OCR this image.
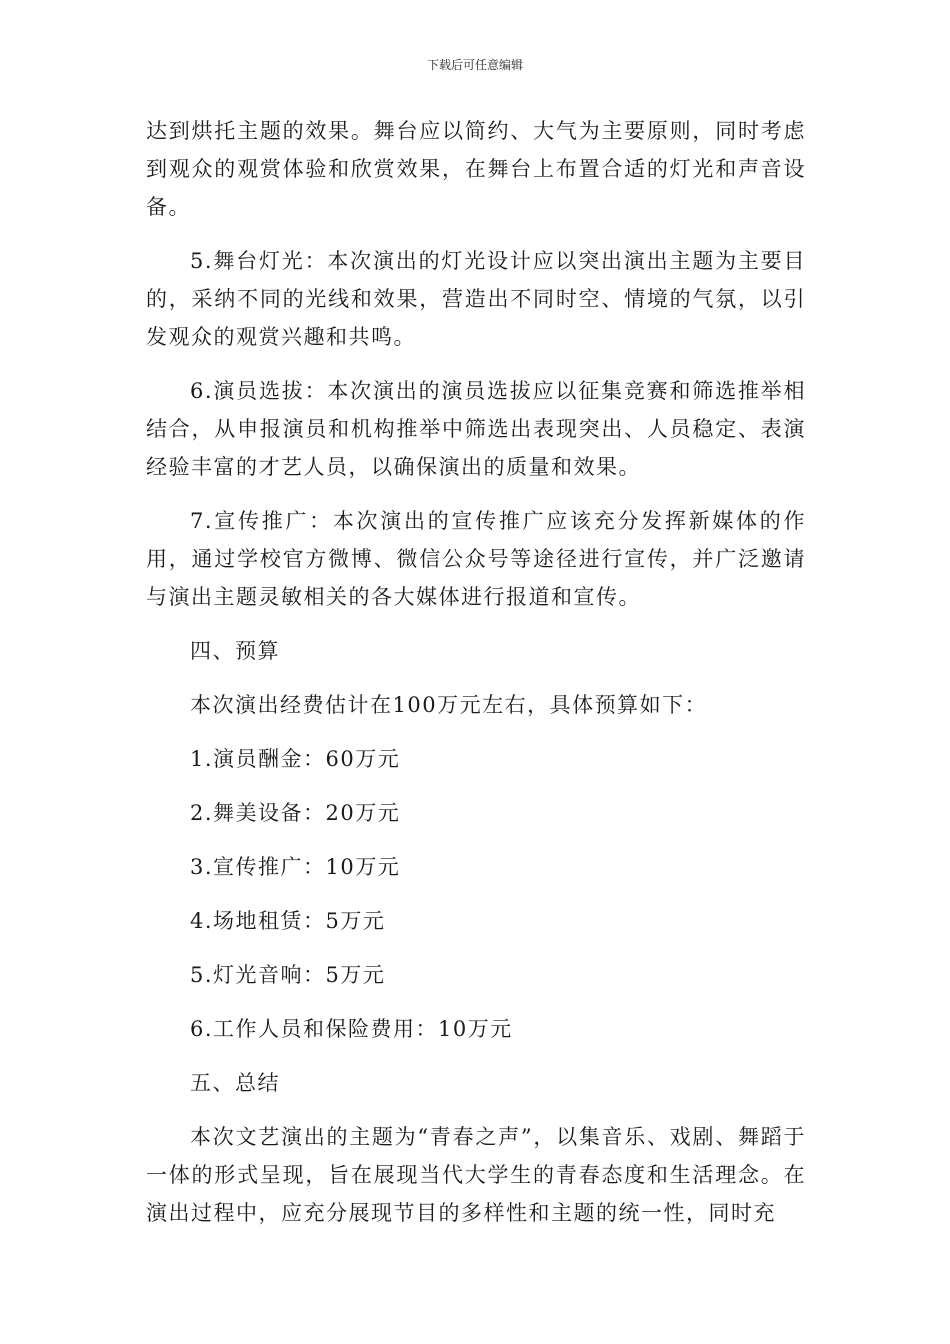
下载后可任意编辑

达到烘托主题的效果。舞台应以简约、大气为主要原则，同时考虑到观众的观赏体验和欣赏效果，在舞台上布置合适的灯光和声音设备。

5.舞台灯光：本次演出的灯光设计应以突出演出主题为主要目的，采纳不同的光线和效果，营造出不同时空、情境的气氛，以引发观众的观赏兴趣和共鸣。

6.演员选拔：本次演出的演员选拔应以征集竞赛和筛选推举相结合，从申报演员和机构推举中筛选出表现突出、人员稳定、表演经验丰富的才艺人员，以确保演出的质量和效果。

7.宣传推广：本次演出的宣传推广应该充分发挥新媒体的作用，通过学校官方微博、微信公众号等途径进行宣传，并广泛邀请与演出主题灵敏相关的各大媒体进行报道和宣传。

四、预算

本次演出经费估计在100万元左右，具体预算如下：

1.演员酬金：60万元

2.舞美设备：20万元

3.宣传推广：10万元

4.场地租赁：5万元

5.灯光音响：5万元

6.工作人员和保险费用：10万元

五、总结

本次文艺演出的主题为“青春之声”，以集音乐、戏剧、舞蹈于一体的形式呈现，旨在展现当代大学生的青春态度和生活理念。在演出过程中，应充分展现节目的多样性和主题的统一性，同时充
